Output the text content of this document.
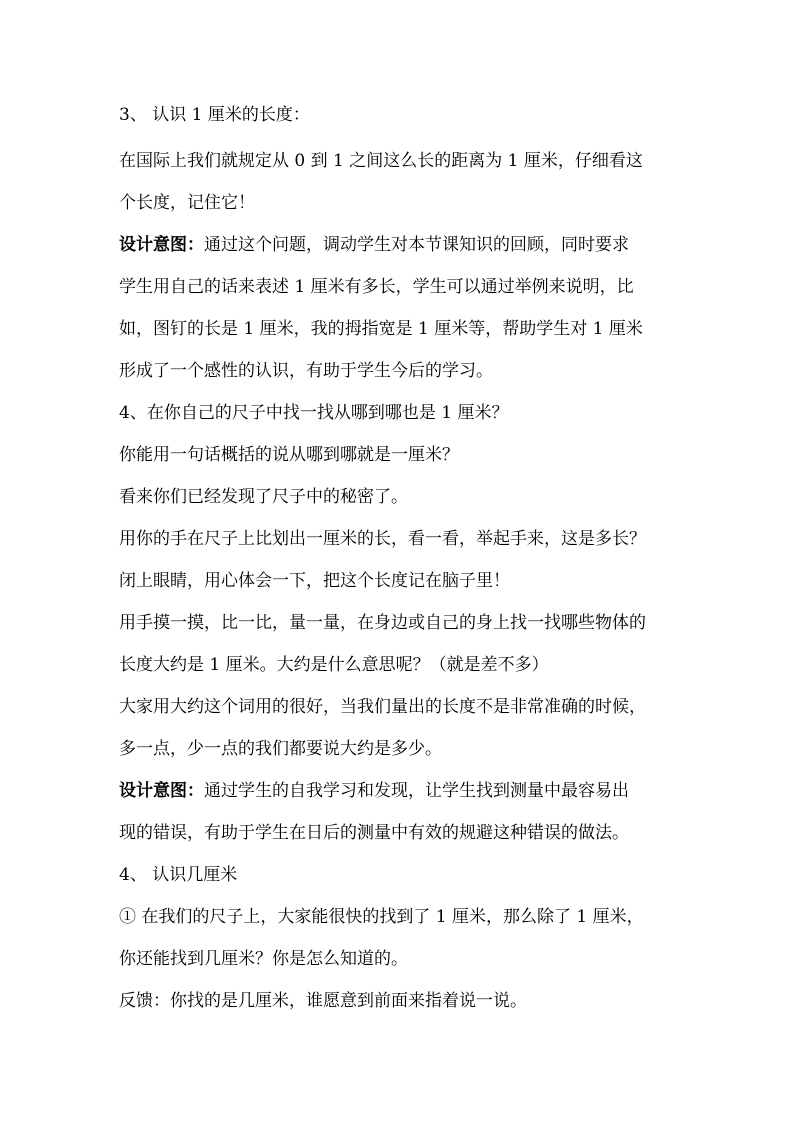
3、 认识 1 厘米的长度：
在国际上我们就规定从 0 到 1 之间这么长的距离为 1 厘米，仔细看这
个长度，记住它！
设计意图：通过这个问题，调动学生对本节课知识的回顾，同时要求
学生用自己的话来表述 1 厘米有多长，学生可以通过举例来说明，比
如，图钉的长是 1 厘米，我的拇指宽是 1 厘米等，帮助学生对 1 厘米
形成了一个感性的认识，有助于学生今后的学习。
4、在你自己的尺子中找一找从哪到哪也是 1 厘米？
你能用一句话概括的说从哪到哪就是一厘米？
看来你们已经发现了尺子中的秘密了。
用你的手在尺子上比划出一厘米的长，看一看，举起手来，这是多长？
闭上眼睛，用心体会一下，把这个长度记在脑子里！
用手摸一摸，比一比，量一量，在身边或自己的身上找一找哪些物体的
长度大约是 1 厘米。大约是什么意思呢？（就是差不多）
大家用大约这个词用的很好，当我们量出的长度不是非常准确的时候，
多一点，少一点的我们都要说大约是多少。
设计意图：通过学生的自我学习和发现，让学生找到测量中最容易出
现的错误，有助于学生在日后的测量中有效的规避这种错误的做法。
4、 认识几厘米
① 在我们的尺子上，大家能很快的找到了 1 厘米，那么除了 1 厘米，
你还能找到几厘米？你是怎么知道的。
反馈：你找的是几厘米，谁愿意到前面来指着说一说。
